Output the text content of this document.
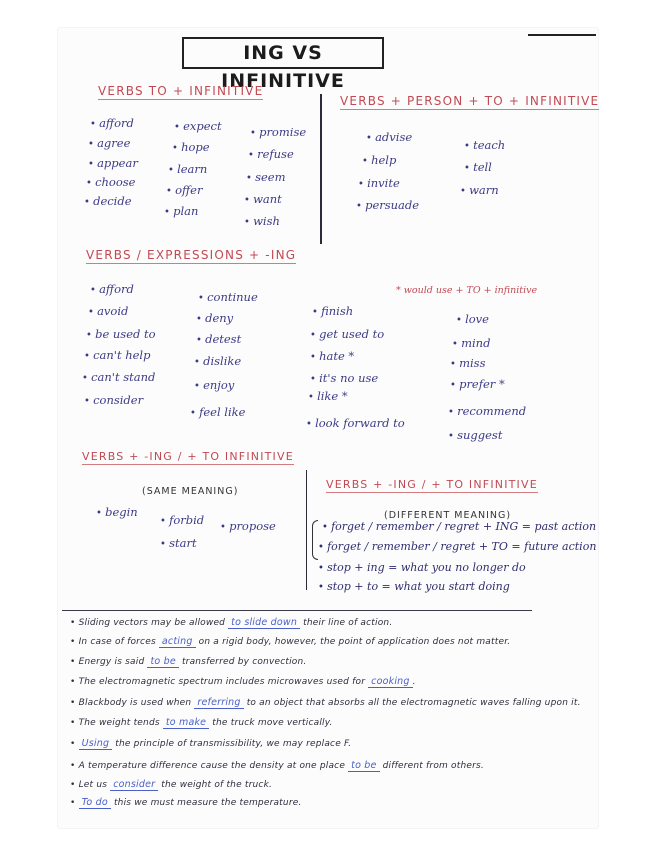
ING VS INFINITIVE
VERBS TO + INFINITIVE
• afford
• agree
• appear
• choose
• decide
• expect
• hope
• learn
• offer
• plan
• promise
• refuse
• seem
• want
• wish
VERBS + PERSON + TO + INFINITIVE
• advise
• help
• invite
• persuade
• teach
• tell
• warn
VERBS / EXPRESSIONS + -ING
* would use + TO + infinitive
• afford
• avoid
• be used to
• can't help
• can't stand
• consider
• continue
• deny
• detest
• dislike
• enjoy
• feel like
• finish
• get used to
• hate *
• it's no use
• like *
• look forward to
• love
• mind
• miss
• prefer *
• recommend
• suggest
VERBS + -ING / + TO INFINITIVE
(SAME MEANING)
• begin
• forbid
• start
• propose
VERBS + -ING / + TO INFINITIVE
(DIFFERENT MEANING)
• forget / remember / regret + ING = past action
• forget / remember / regret + TO = future action
• stop + ing = what you no longer do
• stop + to = what you start doing
• Sliding vectors may be allowed to slide down their line of action.
• In case of forces acting on a rigid body, however, the point of application does not matter.
• Energy is said to be transferred by convection.
• The electromagnetic spectrum includes microwaves used for cooking .
• Blackbody is used when referring to an object that absorbs all the electromagnetic waves falling upon it.
• The weight tends to make the truck move vertically.
• Using the principle of transmissibility, we may replace F.
• A temperature difference cause the density at one place to be different from others.
• Let us consider the weight of the truck.
• To do this we must measure the temperature.
